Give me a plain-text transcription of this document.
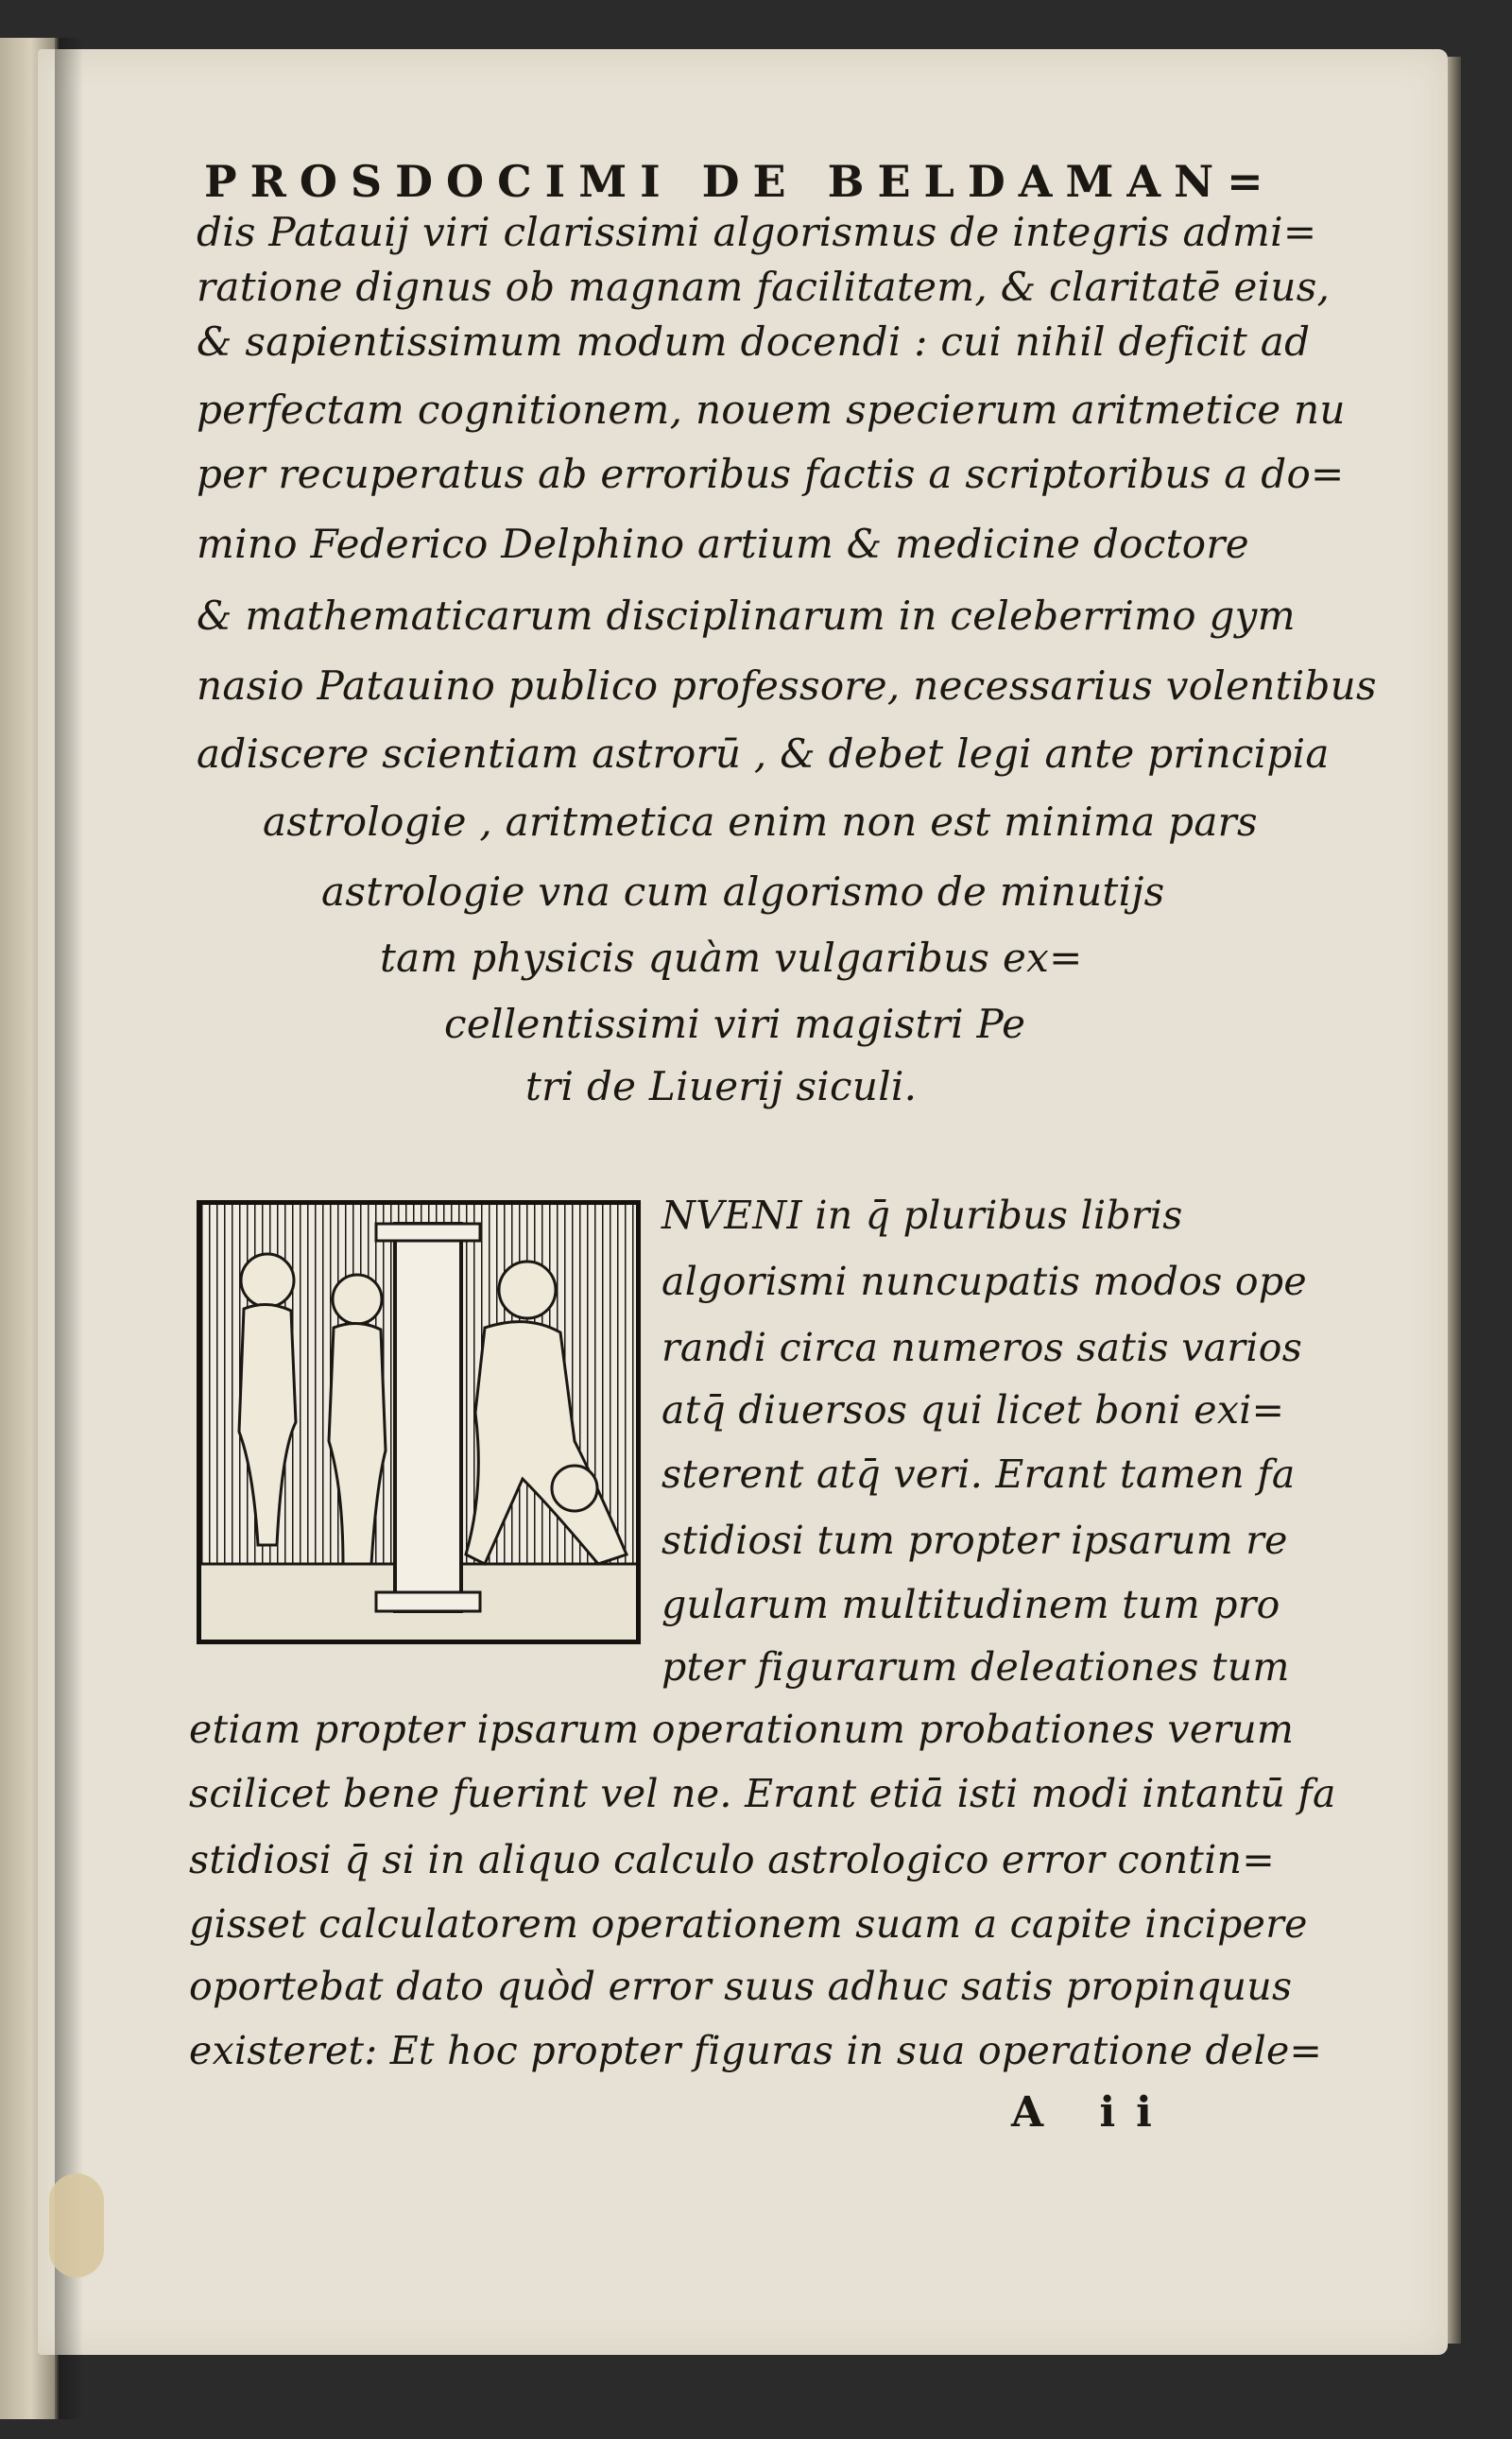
PROSDOCIMI DE BELDAMAN=
dis Patauij viri clarissimi algorismus de integris admi=
ratione dignus ob magnam facilitatem, & claritatē eius,
& sapientissimum modum docendi : cui nihil deficit ad
perfectam cognitionem, nouem specierum aritmetice nu
per recuperatus ab erroribus factis a scriptoribus a do=
mino Federico Delphino artium & medicine doctore
& mathematicarum disciplinarum in celeberrimo gym
nasio Patauino publico professore, necessarius volentibus
adiscere scientiam astrorū , & debet legi ante principia
astrologie , aritmetica enim non est minima pars
astrologie vna cum algorismo de minutijs
tam physicis quàm vulgaribus ex=
cellentissimi viri magistri Pe
tri de Liuerij siculi.
NVENI in q̄ pluribus libris
algorismi nuncupatis modos ope
randi circa numeros satis varios
atq̄ diuersos qui licet boni exi=
sterent atq̄ veri. Erant tamen fa
stidiosi tum propter ipsarum re
gularum multitudinem tum pro
pter figurarum deleationes tum
etiam propter ipsarum operationum probationes verum
scilicet bene fuerint vel ne. Erant etiā isti modi intantū fa
stidiosi q̄ si in aliquo calculo astrologico error contin=
gisset calculatorem operationem suam a capite incipere
oportebat dato quòd error suus adhuc satis propinquus
existeret: Et hoc propter figuras in sua operatione dele=
A ii
